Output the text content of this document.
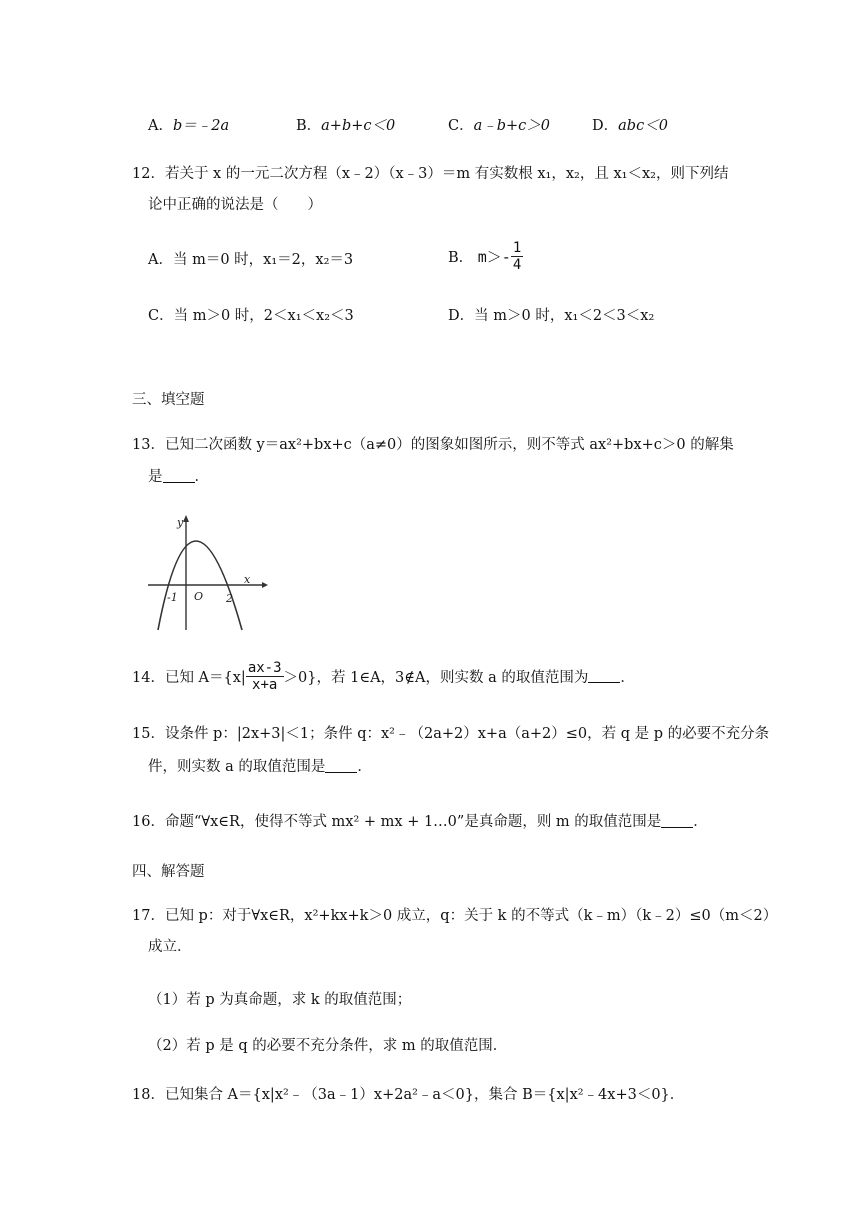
A．b＝﹣2a	B．a+b+c＜0	C．a﹣b+c＞0	D．abc＜0
12．若关于 x 的一元二次方程（x﹣2）（x﹣3）＝m 有实数根 x₁，x₂，且 x₁＜x₂，则下列结
论中正确的说法是（　　）
A．当 m＝0 时，x₁＝2，x₂＝3	B． $m>- \frac{1}{4}$
C．当 m＞0 时，2＜x₁＜x₂＜3	D．当 m＞0 时，x₁＜2＜3＜x₂
三、填空题
13．已知二次函数 y＝ax²+bx+c（a≠0）的图象如图所示，则不等式 ax²+bx+c＞0 的解集
是 ．
y
x
-1 O 2
14．已知 $A=\{x| \frac{ax-3}{x+a} >0\}$，若 1∈A，3∉A，则实数 a 的取值范围为 ．
15．设条件 p：|2x+3|＜1；条件 q：x²﹣（2a+2）x+a（a+2）≤0，若 q 是 p 的必要不充分条
件，则实数 a 的取值范围是 ．
16．命题“∀x∈R，使得不等式 mx² + mx + 1…0”是真命题，则 m 的取值范围是 ．
四、解答题
17．已知 p：对于∀x∈R，x²+kx+k＞0 成立，q：关于 k 的不等式（k﹣m）（k﹣2）≤0（m＜2）
成立．
（1）若 p 为真命题，求 k 的取值范围；
（2）若 p 是 q 的必要不充分条件，求 m 的取值范围．
18．已知集合 A＝{x|x²﹣（3a﹣1）x+2a²﹣a＜0}，集合 B＝{x|x²﹣4x+3＜0}．
